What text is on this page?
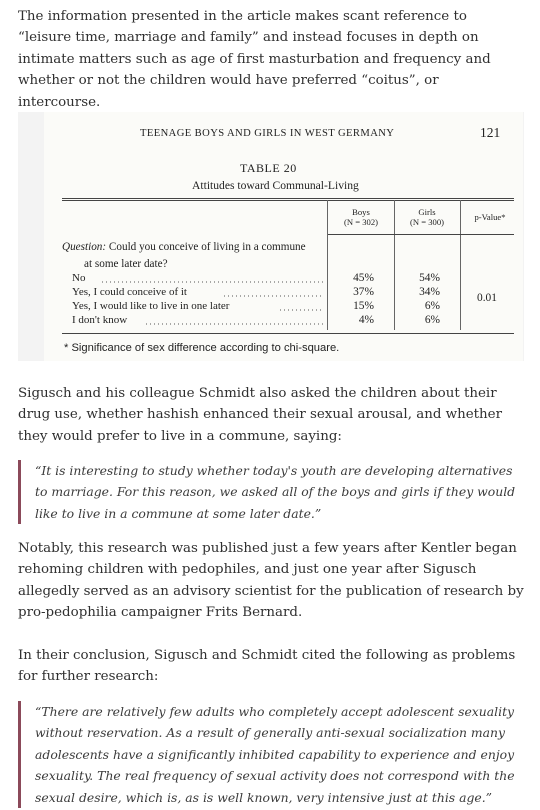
The information presented in the article makes scant reference to “leisure time, marriage and family” and instead focuses in depth on intimate matters such as age of first masturbation and frequency and whether or not the children would have preferred “coitus”, or intercourse.

TEENAGE BOYS AND GIRLS IN WEST GERMANY	121
TABLE 20
Attitudes toward Communal-Living
Boys
(N = 302)
Girls
(N = 300)	p-Value*
Question: Could you conceive of living in a commune
at some later date?
No
Yes, I could conceive of it
Yes, I would like to live in one later
I don't know
45%
37%
15%
4%
54%
34%
6%
6%
0.01
* Significance of sex difference according to chi-square.

Sigusch and his colleague Schmidt also asked the children about their drug use, whether hashish enhanced their sexual arousal, and whether they would prefer to live in a commune, saying:

“It is interesting to study whether today's youth are developing alternatives to marriage. For this reason, we asked all of the boys and girls if they would like to live in a commune at some later date.”

Notably, this research was published just a few years after Kentler began rehoming children with pedophiles, and just one year after Sigusch allegedly served as an advisory scientist for the publication of research by pro-pedophilia campaigner Frits Bernard.

In their conclusion, Sigusch and Schmidt cited the following as problems for further research:

“There are relatively few adults who completely accept adolescent sexuality without reservation. As a result of generally anti-sexual socialization many adolescents have a significantly inhibited capability to experience and enjoy sexuality. The real frequency of sexual activity does not correspond with the sexual desire, which is, as is well known, very intensive just at this age.”
